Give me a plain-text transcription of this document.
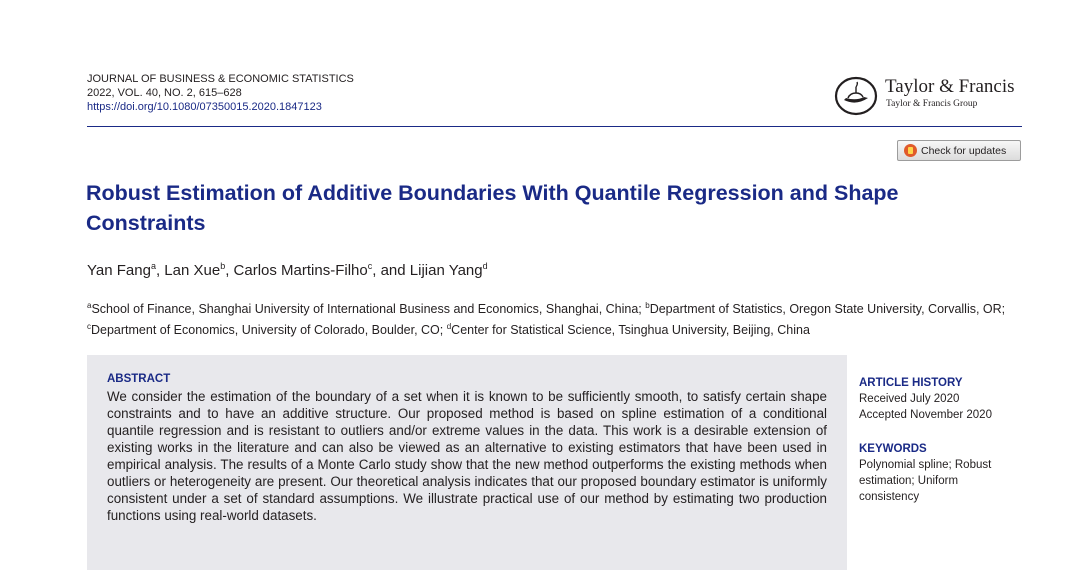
JOURNAL OF BUSINESS & ECONOMIC STATISTICS
2022, VOL. 40, NO. 2, 615–628
https://doi.org/10.1080/07350015.2020.1847123
Taylor & Francis
Taylor & Francis Group
Check for updates
Robust Estimation of Additive Boundaries With Quantile Regression and Shape Constraints
Yan Fang$^a$, Lan Xue$^b$, Carlos Martins-Filho$^c$, and Lijian Yang$^d$
$^a$School of Finance, Shanghai University of International Business and Economics, Shanghai, China; $^b$Department of Statistics, Oregon State University, Corvallis, OR; $^c$Department of Economics, University of Colorado, Boulder, CO; $^d$Center for Statistical Science, Tsinghua University, Beijing, China
ABSTRACT

We consider the estimation of the boundary of a set when it is known to be sufficiently smooth, to satisfy certain shape constraints and to have an additive structure. Our proposed method is based on spline estimation of a conditional quantile regression and is resistant to outliers and/or extreme values in the data. This work is a desirable extension of existing works in the literature and can also be viewed as an alternative to existing estimators that have been used in empirical analysis. The results of a Monte Carlo study show that the new method outperforms the existing methods when outliers or heterogeneity are present. Our theoretical analysis indicates that our proposed boundary estimator is uniformly consistent under a set of standard assumptions. We illustrate practical use of our method by estimating two production functions using real-world datasets.

ARTICLE HISTORY
Received July 2020
Accepted November 2020
KEYWORDS
Polynomial spline; Robust estimation; Uniform consistency
